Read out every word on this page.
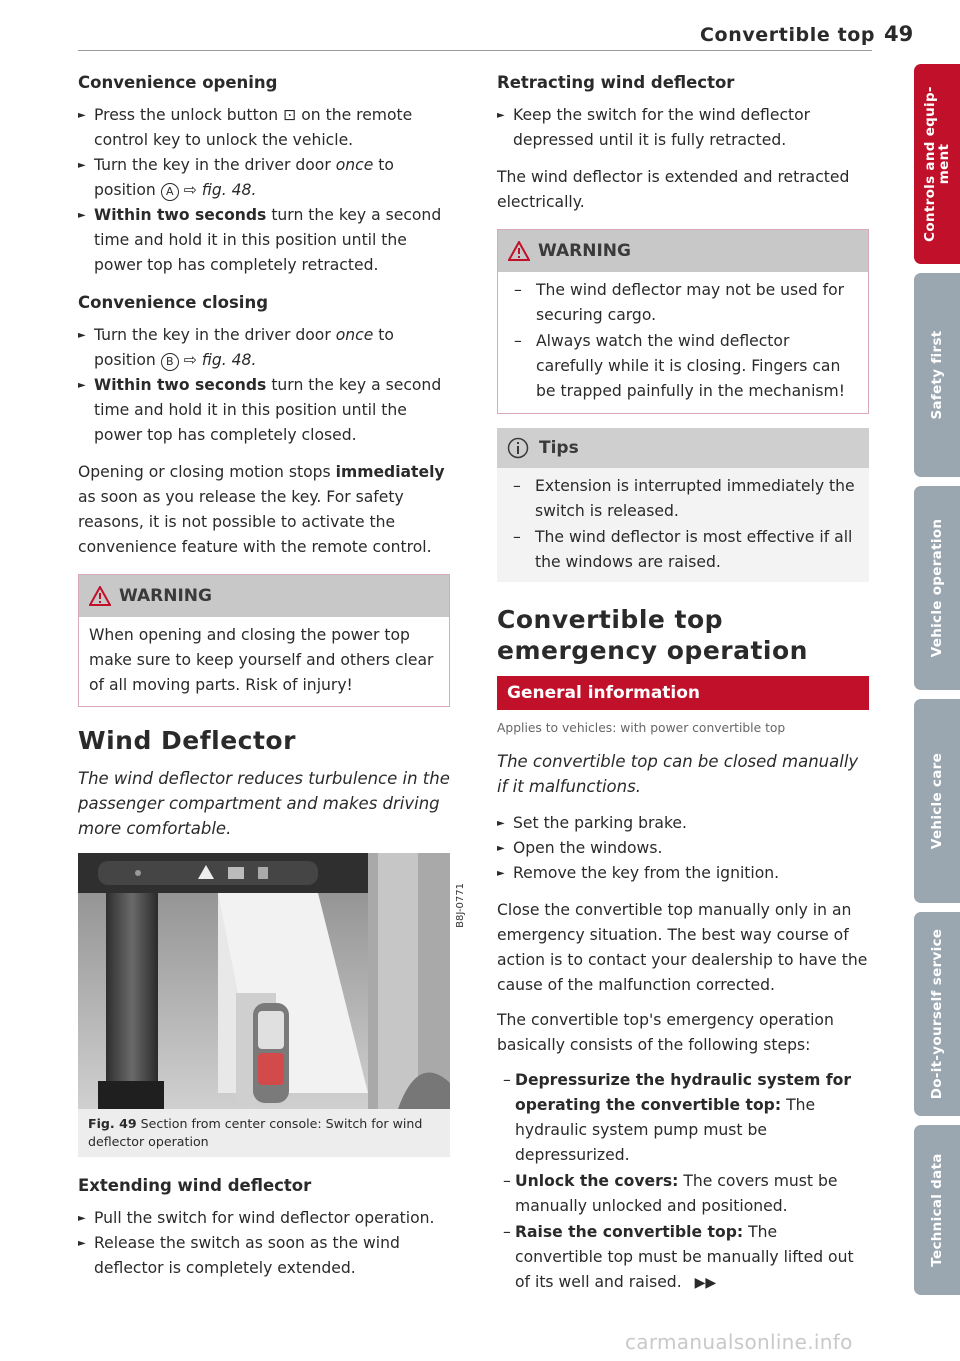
Convertible top 49
Convenience opening
► Press the unlock button ⊡ on the remote control key to unlock the vehicle.
► Turn the key in the driver door once to position A ⇨ fig. 48.
► Within two seconds turn the key a second time and hold it in this position until the power top has completely retracted.
Convenience closing
► Turn the key in the driver door once to position B ⇨ fig. 48.
► Within two seconds turn the key a second time and hold it in this position until the power top has completely closed.
Opening or closing motion stops immediately as soon as you release the key. For safety reasons, it is not possible to activate the convenience feature with the remote control.
WARNING
When opening and closing the power top make sure to keep yourself and others clear of all moving parts. Risk of injury!
Wind Deflector
The wind deflector reduces turbulence in the passenger compartment and makes driving more comfortable.
B8J-0771
Fig. 49 Section from center console: Switch for wind deflector operation
Extending wind deflector
► Pull the switch for wind deflector operation.
► Release the switch as soon as the wind deflector is completely extended.
Retracting wind deflector
► Keep the switch for the wind deflector depressed until it is fully retracted.
The wind deflector is extended and retracted electrically.
WARNING
– The wind deflector may not be used for securing cargo.
– Always watch the wind deflector carefully while it is closing. Fingers can be trapped painfully in the mechanism!
Tips
– Extension is interrupted immediately the switch is released.
– The wind deflector is most effective if all the windows are raised.
Convertible top emergency operation
General information
Applies to vehicles: with power convertible top
The convertible top can be closed manually if it malfunctions.
► Set the parking brake.
► Open the windows.
► Remove the key from the ignition.
Close the convertible top manually only in an emergency situation. The best way course of action is to contact your dealership to have the cause of the malfunction corrected.
The convertible top's emergency operation basically consists of the following steps:
– Depressurize the hydraulic system for operating the convertible top: The hydraulic system pump must be depressurized.
– Unlock the covers: The covers must be manually unlocked and positioned.
– Raise the convertible top: The convertible top must be manually lifted out of its well and raised. ▶▶
Controls and equip-
ment
Safety first
Vehicle operation
Vehicle care
Do-it-yourself service
Technical data
carmanualsonline.info
